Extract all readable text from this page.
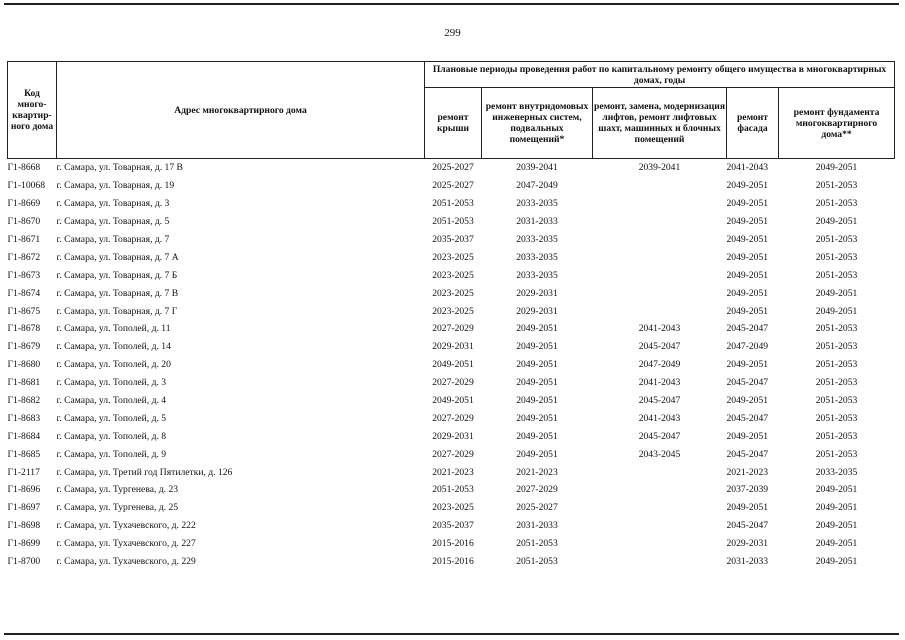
299
Код много-квартир-ного дома	Адрес многоквартирного дома	Плановые периоды проведения работ по капитальному ремонту общего имущества в многоквартирных домах, годы				
		ремонт крыши	ремонт внутридомовых инженерных систем, подвальных помещений*	ремонт, замена, модернизация лифтов, ремонт лифтовых шахт, машинных и блочных помещений	ремонт фасада	ремонт фундамента многоквартирного дома**
Г1-8668	г. Самара, ул. Товарная, д. 17 В	2025-2027	2039-2041	2039-2041	2041-2043	2049-2051
Г1-10068	г. Самара, ул. Товарная, д. 19	2025-2027	2047-2049		2049-2051	2051-2053
Г1-8669	г. Самара, ул. Товарная, д. 3	2051-2053	2033-2035		2049-2051	2051-2053
Г1-8670	г. Самара, ул. Товарная, д. 5	2051-2053	2031-2033		2049-2051	2049-2051
Г1-8671	г. Самара, ул. Товарная, д. 7	2035-2037	2033-2035		2049-2051	2051-2053
Г1-8672	г. Самара, ул. Товарная, д. 7 А	2023-2025	2033-2035		2049-2051	2051-2053
Г1-8673	г. Самара, ул. Товарная, д. 7 Б	2023-2025	2033-2035		2049-2051	2051-2053
Г1-8674	г. Самара, ул. Товарная, д. 7 В	2023-2025	2029-2031		2049-2051	2049-2051
Г1-8675	г. Самара, ул. Товарная, д. 7 Г	2023-2025	2029-2031		2049-2051	2049-2051
Г1-8678	г. Самара, ул. Тополей, д. 11	2027-2029	2049-2051	2041-2043	2045-2047	2051-2053
Г1-8679	г. Самара, ул. Тополей, д. 14	2029-2031	2049-2051	2045-2047	2047-2049	2051-2053
Г1-8680	г. Самара, ул. Тополей, д. 20	2049-2051	2049-2051	2047-2049	2049-2051	2051-2053
Г1-8681	г. Самара, ул. Тополей, д. 3	2027-2029	2049-2051	2041-2043	2045-2047	2051-2053
Г1-8682	г. Самара, ул. Тополей, д. 4	2049-2051	2049-2051	2045-2047	2049-2051	2051-2053
Г1-8683	г. Самара, ул. Тополей, д. 5	2027-2029	2049-2051	2041-2043	2045-2047	2051-2053
Г1-8684	г. Самара, ул. Тополей, д. 8	2029-2031	2049-2051	2045-2047	2049-2051	2051-2053
Г1-8685	г. Самара, ул. Тополей, д. 9	2027-2029	2049-2051	2043-2045	2045-2047	2051-2053
Г1-2117	г. Самара, ул. Третий год Пятилетки, д. 126	2021-2023	2021-2023		2021-2023	2033-2035
Г1-8696	г. Самара, ул. Тургенева, д. 23	2051-2053	2027-2029		2037-2039	2049-2051
Г1-8697	г. Самара, ул. Тургенева, д. 25	2023-2025	2025-2027		2049-2051	2049-2051
Г1-8698	г. Самара, ул. Тухачевского, д. 222	2035-2037	2031-2033		2045-2047	2049-2051
Г1-8699	г. Самара, ул. Тухачевского, д. 227	2015-2016	2051-2053		2029-2031	2049-2051
Г1-8700	г. Самара, ул. Тухачевского, д. 229	2015-2016	2051-2053		2031-2033	2049-2051
